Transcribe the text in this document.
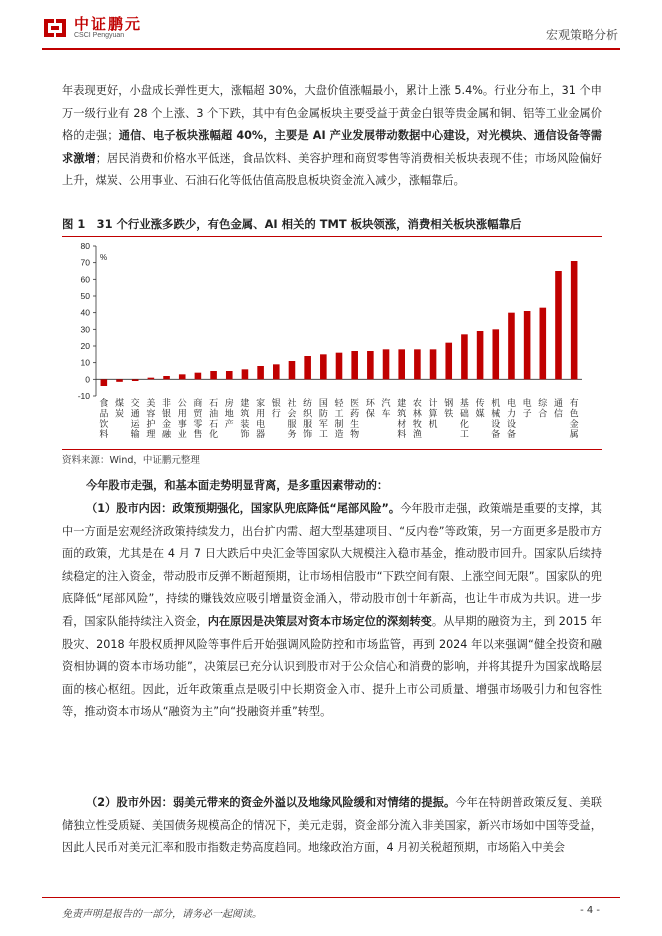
中证鹏元
CSCI Pengyuan	宏观策略分析
年表现更好，小盘成长弹性更大，涨幅超 30%，大盘价值涨幅最小，累计上涨 5.4%。行业分布上，31 个申万一级行业有 28 个上涨、3 个下跌，其中有色金属板块主要受益于黄金白银等贵金属和铜、铝等工业金属价格的走强；通信、电子板块涨幅超 40%，主要是 AI 产业发展带动数据中心建设，对光模块、通信设备等需求激增；居民消费和价格水平低迷，食品饮料、美容护理和商贸零售等消费相关板块表现不佳；市场风险偏好上升，煤炭、公用事业、石油石化等低估值高股息板块资金流入减少，涨幅靠后。
图 1　31 个行业涨多跌少，有色金属、AI 相关的 TMT 板块领涨，消费相关板块涨幅靠后
-10
0
10
20
30
40
50
60
70
80
%
食品饮料
煤炭
交通运输
美容护理
非银金融
公用事业
商贸零售
石油石化
房地产
建筑装饰
家用电器
银行
社会服务
纺织服饰
国防军工
轻工制造
医药生物
环保
汽车
建筑材料
农林牧渔
计算机
钢铁
基础化工
传媒
机械设备
电力设备
电子
综合
通信
有色金属
资料来源：Wind，中证鹏元整理
今年股市走强，和基本面走势明显背离，是多重因素带动的：
（1）股市内因：政策预期强化，国家队兜底降低“尾部风险”。今年股市走强，政策端是重要的支撑，其中一方面是宏观经济政策持续发力，出台扩内需、超大型基建项目、“反内卷”等政策，另一方面更多是股市方面的政策，尤其是在 4 月 7 日大跌后中央汇金等国家队大规模注入稳市基金，推动股市回升。国家队后续持续稳定的注入资金，带动股市反弹不断超预期，让市场相信股市“下跌空间有限、上涨空间无限”。国家队的兜底降低“尾部风险”，持续的赚钱效应吸引增量资金涌入，带动股市创十年新高，也让牛市成为共识。进一步看，国家队能持续注入资金，内在原因是决策层对资本市场定位的深刻转变。从早期的融资为主，到 2015 年股灾、2018 年股权质押风险等事件后开始强调风险防控和市场监管，再到 2024 年以来强调“健全投资和融资相协调的资本市场功能”，决策层已充分认识到股市对于公众信心和消费的影响，并将其提升为国家战略层面的核心枢纽。因此，近年政策重点是吸引中长期资金入市、提升上市公司质量、增强市场吸引力和包容性等，推动资本市场从“融资为主”向“投融资并重”转型。
（2）股市外因：弱美元带来的资金外溢以及地缘风险缓和对情绪的提振。今年在特朗普政策反复、美联储独立性受质疑、美国债务规模高企的情况下，美元走弱，资金部分流入非美国家，新兴市场如中国等受益，因此人民币对美元汇率和股市指数走势高度趋同。地缘政治方面，4 月初关税超预期，市场陷入中美会
免责声明是报告的一部分，请务必一起阅读。	- 4 -
